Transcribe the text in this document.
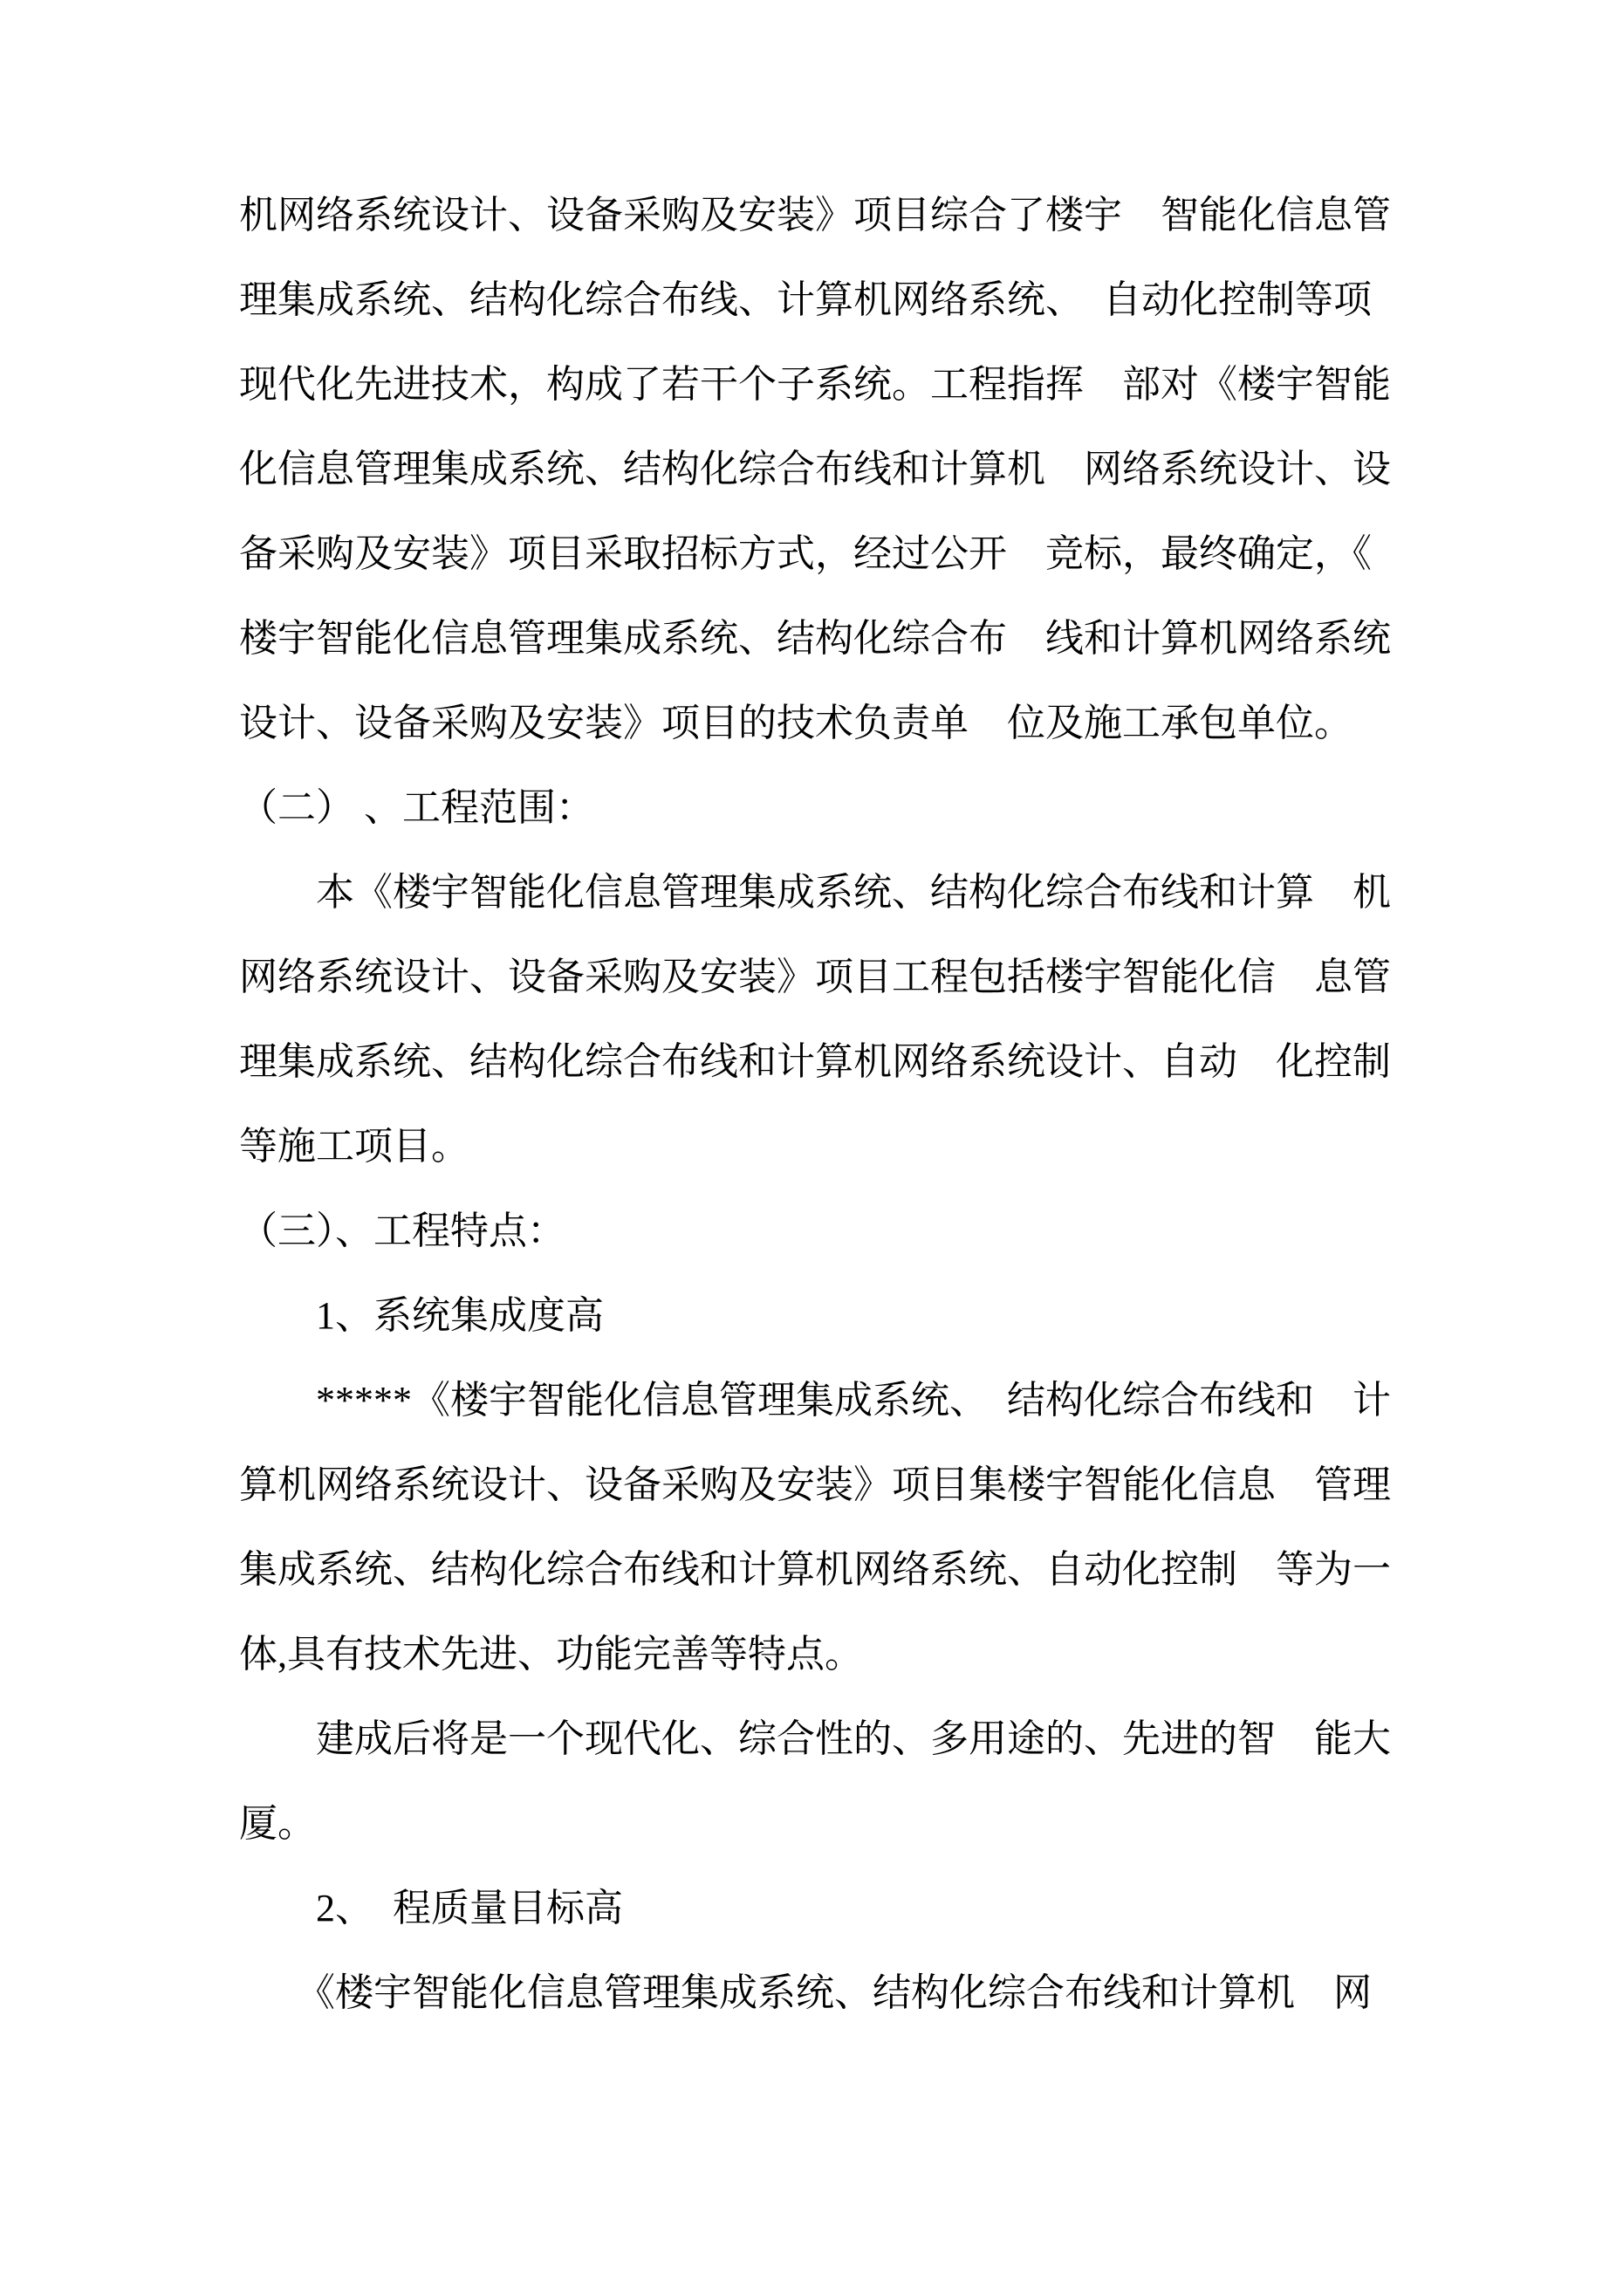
机网络系统设计、设备采购及安装》项目综合了楼宇　智能化信息管
理集成系统、结构化综合布线、计算机网络系统、　自动化控制等项
现代化先进技术，构成了若干个子系统。工程指挥　部对《楼宇智能
化信息管理集成系统、结构化综合布线和计算机　网络系统设计、设
备采购及安装》项目采取招标方式，经过公开　竞标，最终确定，《
楼宇智能化信息管理集成系统、结构化综合布　线和计算机网络系统
设计、设备采购及安装》项目的技术负责单　位及施工承包单位。
（二） 、工程范围：
　　本《楼宇智能化信息管理集成系统、结构化综合布线和计算　机
网络系统设计、设备采购及安装》项目工程包括楼宇智能化信　息管
理集成系统、结构化综合布线和计算机网络系统设计、自动　化控制
等施工项目。
（三）、工程特点：
　　1、系统集成度高
　　*****《楼宇智能化信息管理集成系统、　结构化综合布线和　计
算机网络系统设计、设备采购及安装》项目集楼宇智能化信息　管理
集成系统、结构化综合布线和计算机网络系统、自动化控制　等为一
体,具有技术先进、功能完善等特点。
　　建成后将是一个现代化、综合性的、多用途的、先进的智　能大
厦。
　　2、　程质量目标高
　　《楼宇智能化信息管理集成系统、结构化综合布线和计算机　网
